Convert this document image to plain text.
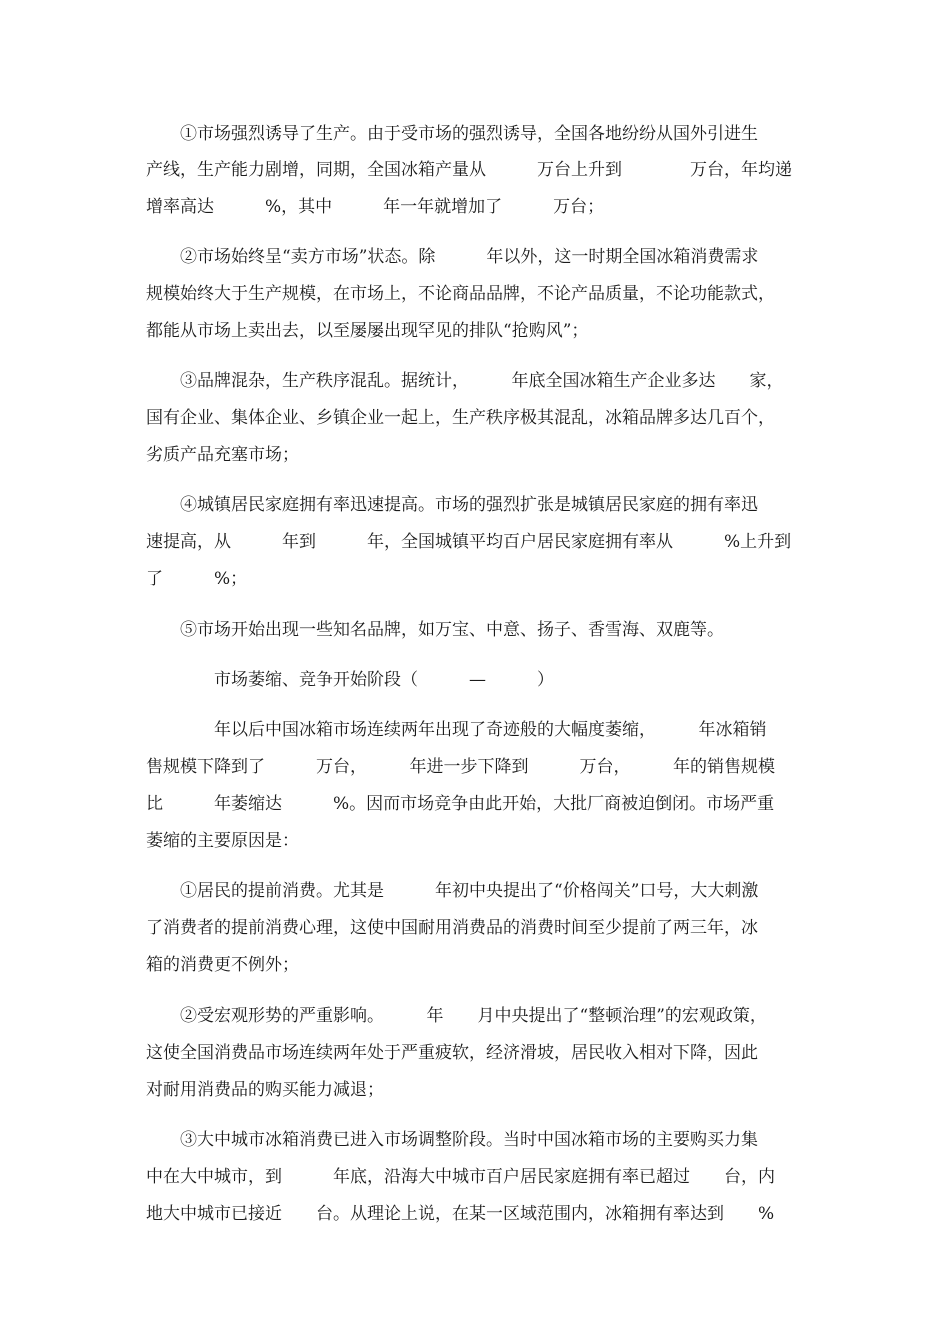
　　①市场强烈诱导了生产。由于受市场的强烈诱导，全国各地纷纷从国外引进生
产线，生产能力剧增，同期，全国冰箱产量从　　　万台上升到　　　　万台，年均递
增率高达　　　%，其中　　　年一年就增加了　　　万台；
　　②市场始终呈“卖方市场”状态。除　　　年以外，这一时期全国冰箱消费需求
规模始终大于生产规模，在市场上，不论商品品牌，不论产品质量，不论功能款式，
都能从市场上卖出去，以至屡屡出现罕见的排队“抢购风”；
　　③品牌混杂，生产秩序混乱。据统计，　　　年底全国冰箱生产企业多达　　家，
国有企业、集体企业、乡镇企业一起上，生产秩序极其混乱，冰箱品牌多达几百个，
劣质产品充塞市场；
　　④城镇居民家庭拥有率迅速提高。市场的强烈扩张是城镇居民家庭的拥有率迅
速提高，从　　　年到　　　年，全国城镇平均百户居民家庭拥有率从　　　%上升到
了　　　%；
　　⑤市场开始出现一些知名品牌，如万宝、中意、扬子、香雪海、双鹿等。
　　　　市场萎缩、竞争开始阶段（　　　—　　　）
　　　　年以后中国冰箱市场连续两年出现了奇迹般的大幅度萎缩，　　　年冰箱销
售规模下降到了　　　万台，　　　年进一步下降到　　　万台，　　　年的销售规模
比　　　年萎缩达　　　%。因而市场竞争由此开始，大批厂商被迫倒闭。市场严重
萎缩的主要原因是：
　　①居民的提前消费。尤其是　　　年初中央提出了“价格闯关”口号，大大刺激
了消费者的提前消费心理，这使中国耐用消费品的消费时间至少提前了两三年，冰
箱的消费更不例外；
　　②受宏观形势的严重影响。　　　年　　月中央提出了“整顿治理”的宏观政策，
这使全国消费品市场连续两年处于严重疲软，经济滑坡，居民收入相对下降，因此
对耐用消费品的购买能力减退；
　　③大中城市冰箱消费已进入市场调整阶段。当时中国冰箱市场的主要购买力集
中在大中城市，到　　　年底，沿海大中城市百户居民家庭拥有率已超过　　台，内
地大中城市已接近　　台。从理论上说，在某一区域范围内，冰箱拥有率达到　　%
